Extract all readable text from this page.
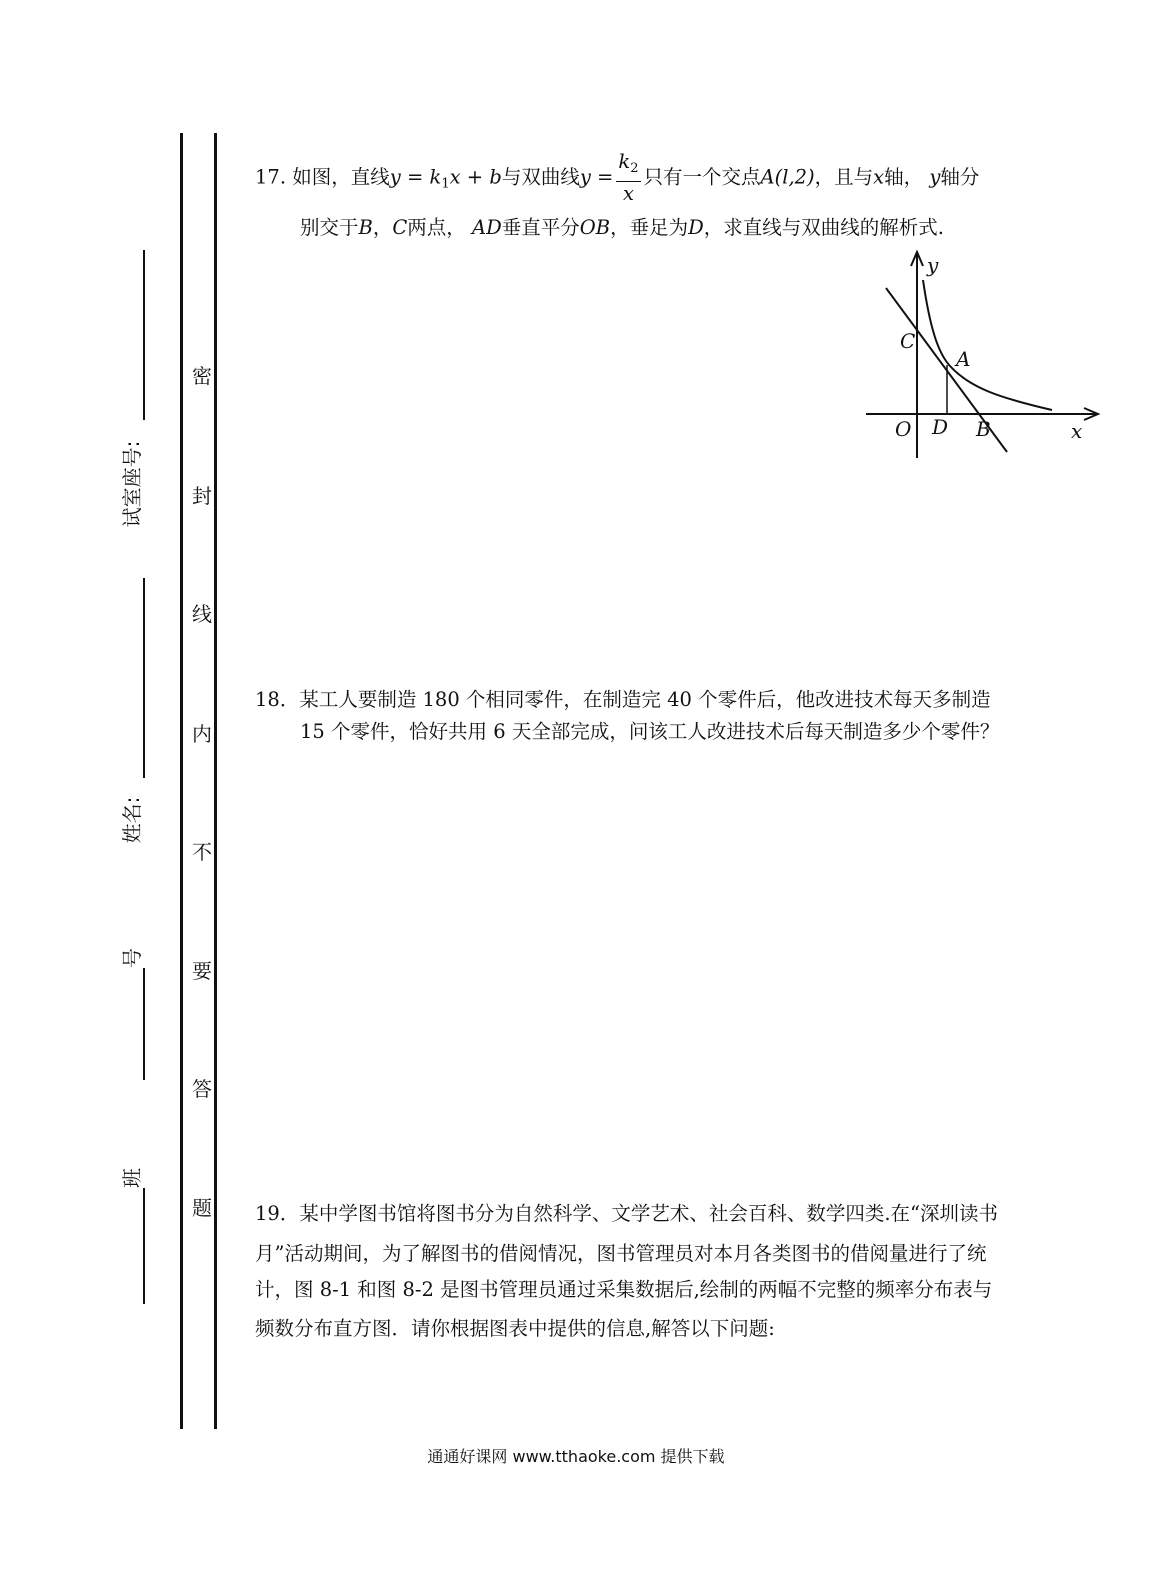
试室座号:
姓名:
号
班
密
封
线
内
不
要
答
题
17. 如图，直线$y = k_1x + b$与双曲线$y = \frac{k_2}{x}$ 只有一个交点A(l,2)，且与x轴， y轴分
别交于B，C两点， AD垂直平分OB，垂足为D，求直线与双曲线的解析式.
y
C
A
O D B	x
18．某工人要制造 180 个相同零件，在制造完 40 个零件后，他改进技术每天多制造
15 个零件，恰好共用 6 天全部完成，问该工人改进技术后每天制造多少个零件？
19．某中学图书馆将图书分为自然科学、文学艺术、社会百科、数学四类.在“深圳读书
月”活动期间，为了解图书的借阅情况，图书管理员对本月各类图书的借阅量进行了统
计，图 8-1 和图 8-2 是图书管理员通过采集数据后,绘制的两幅不完整的频率分布表与
频数分布直方图．请你根据图表中提供的信息,解答以下问题:
通通好课网 www.tthaoke.com 提供下载
